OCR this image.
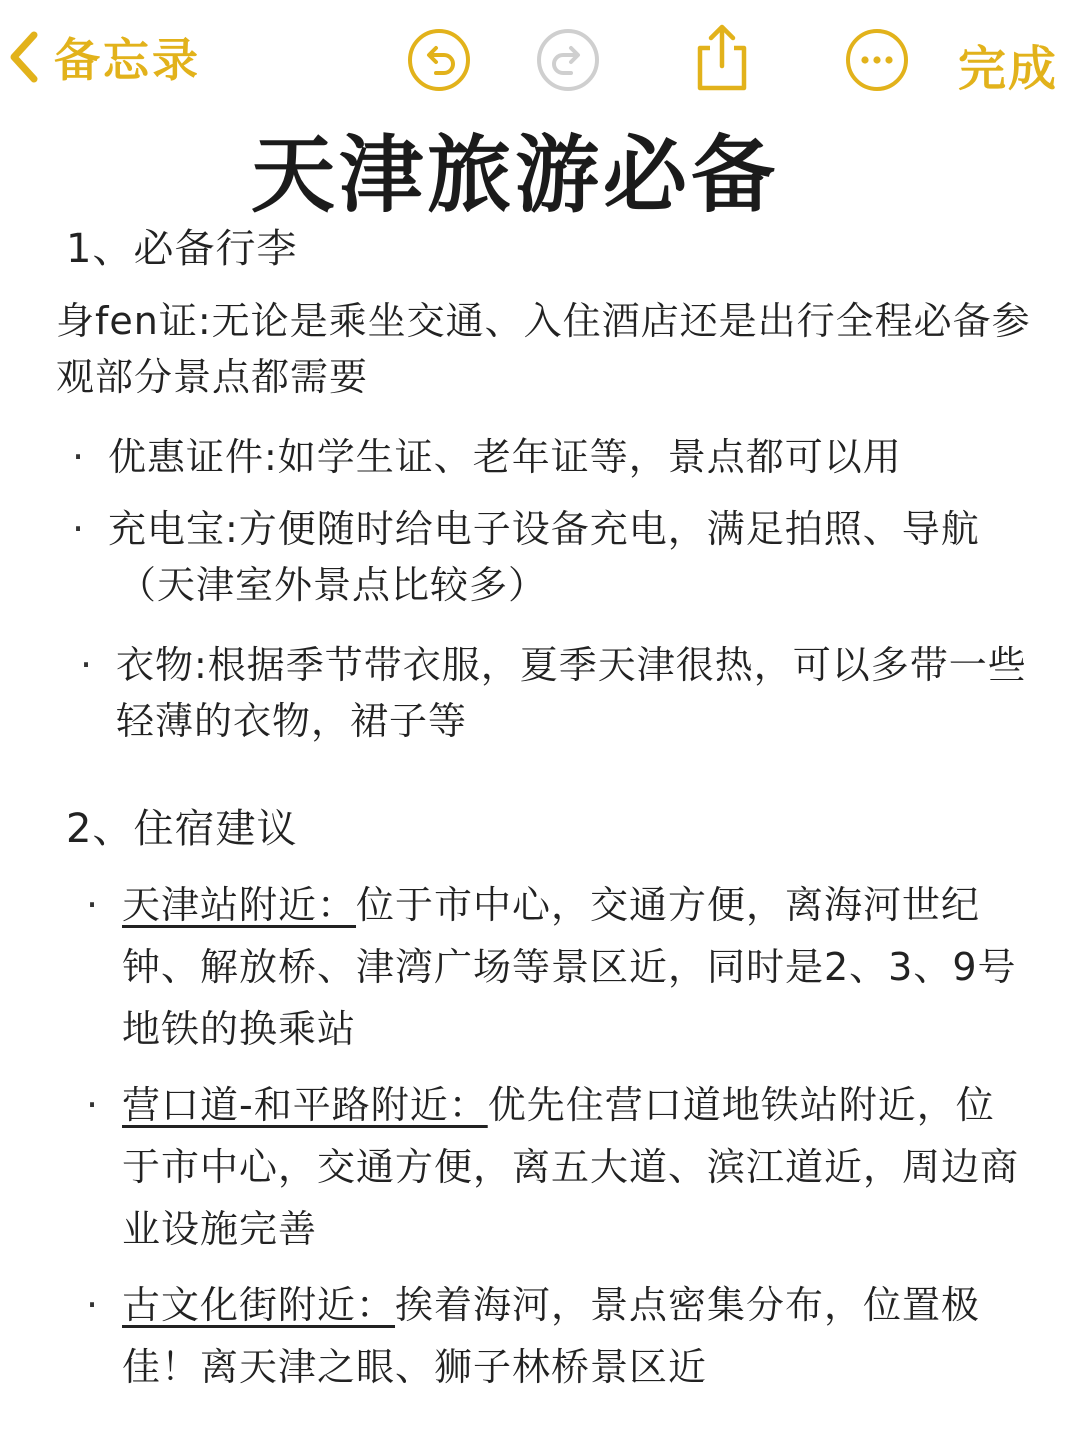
备忘录	完成
天津旅游必备
1、必备行李
身fen证:无论是乘坐交通、入住酒店还是出行全程必备参
观部分景点都需要
· 优惠证件:如学生证、老年证等，景点都可以用
· 充电宝:方便随时给电子设备充电，满足拍照、导航
（天津室外景点比较多）
· 衣物:根据季节带衣服，夏季天津很热，可以多带一些
轻薄的衣物，裙子等
2、住宿建议
· 天津站附近：位于市中心，交通方便，离海河世纪
钟、解放桥、津湾广场等景区近，同时是2、3、9号
地铁的换乘站
· 营口道-和平路附近：优先住营口道地铁站附近，位
于市中心，交通方便，离五大道、滨江道近，周边商
业设施完善
· 古文化街附近：挨着海河，景点密集分布，位置极
佳！离天津之眼、狮子林桥景区近
